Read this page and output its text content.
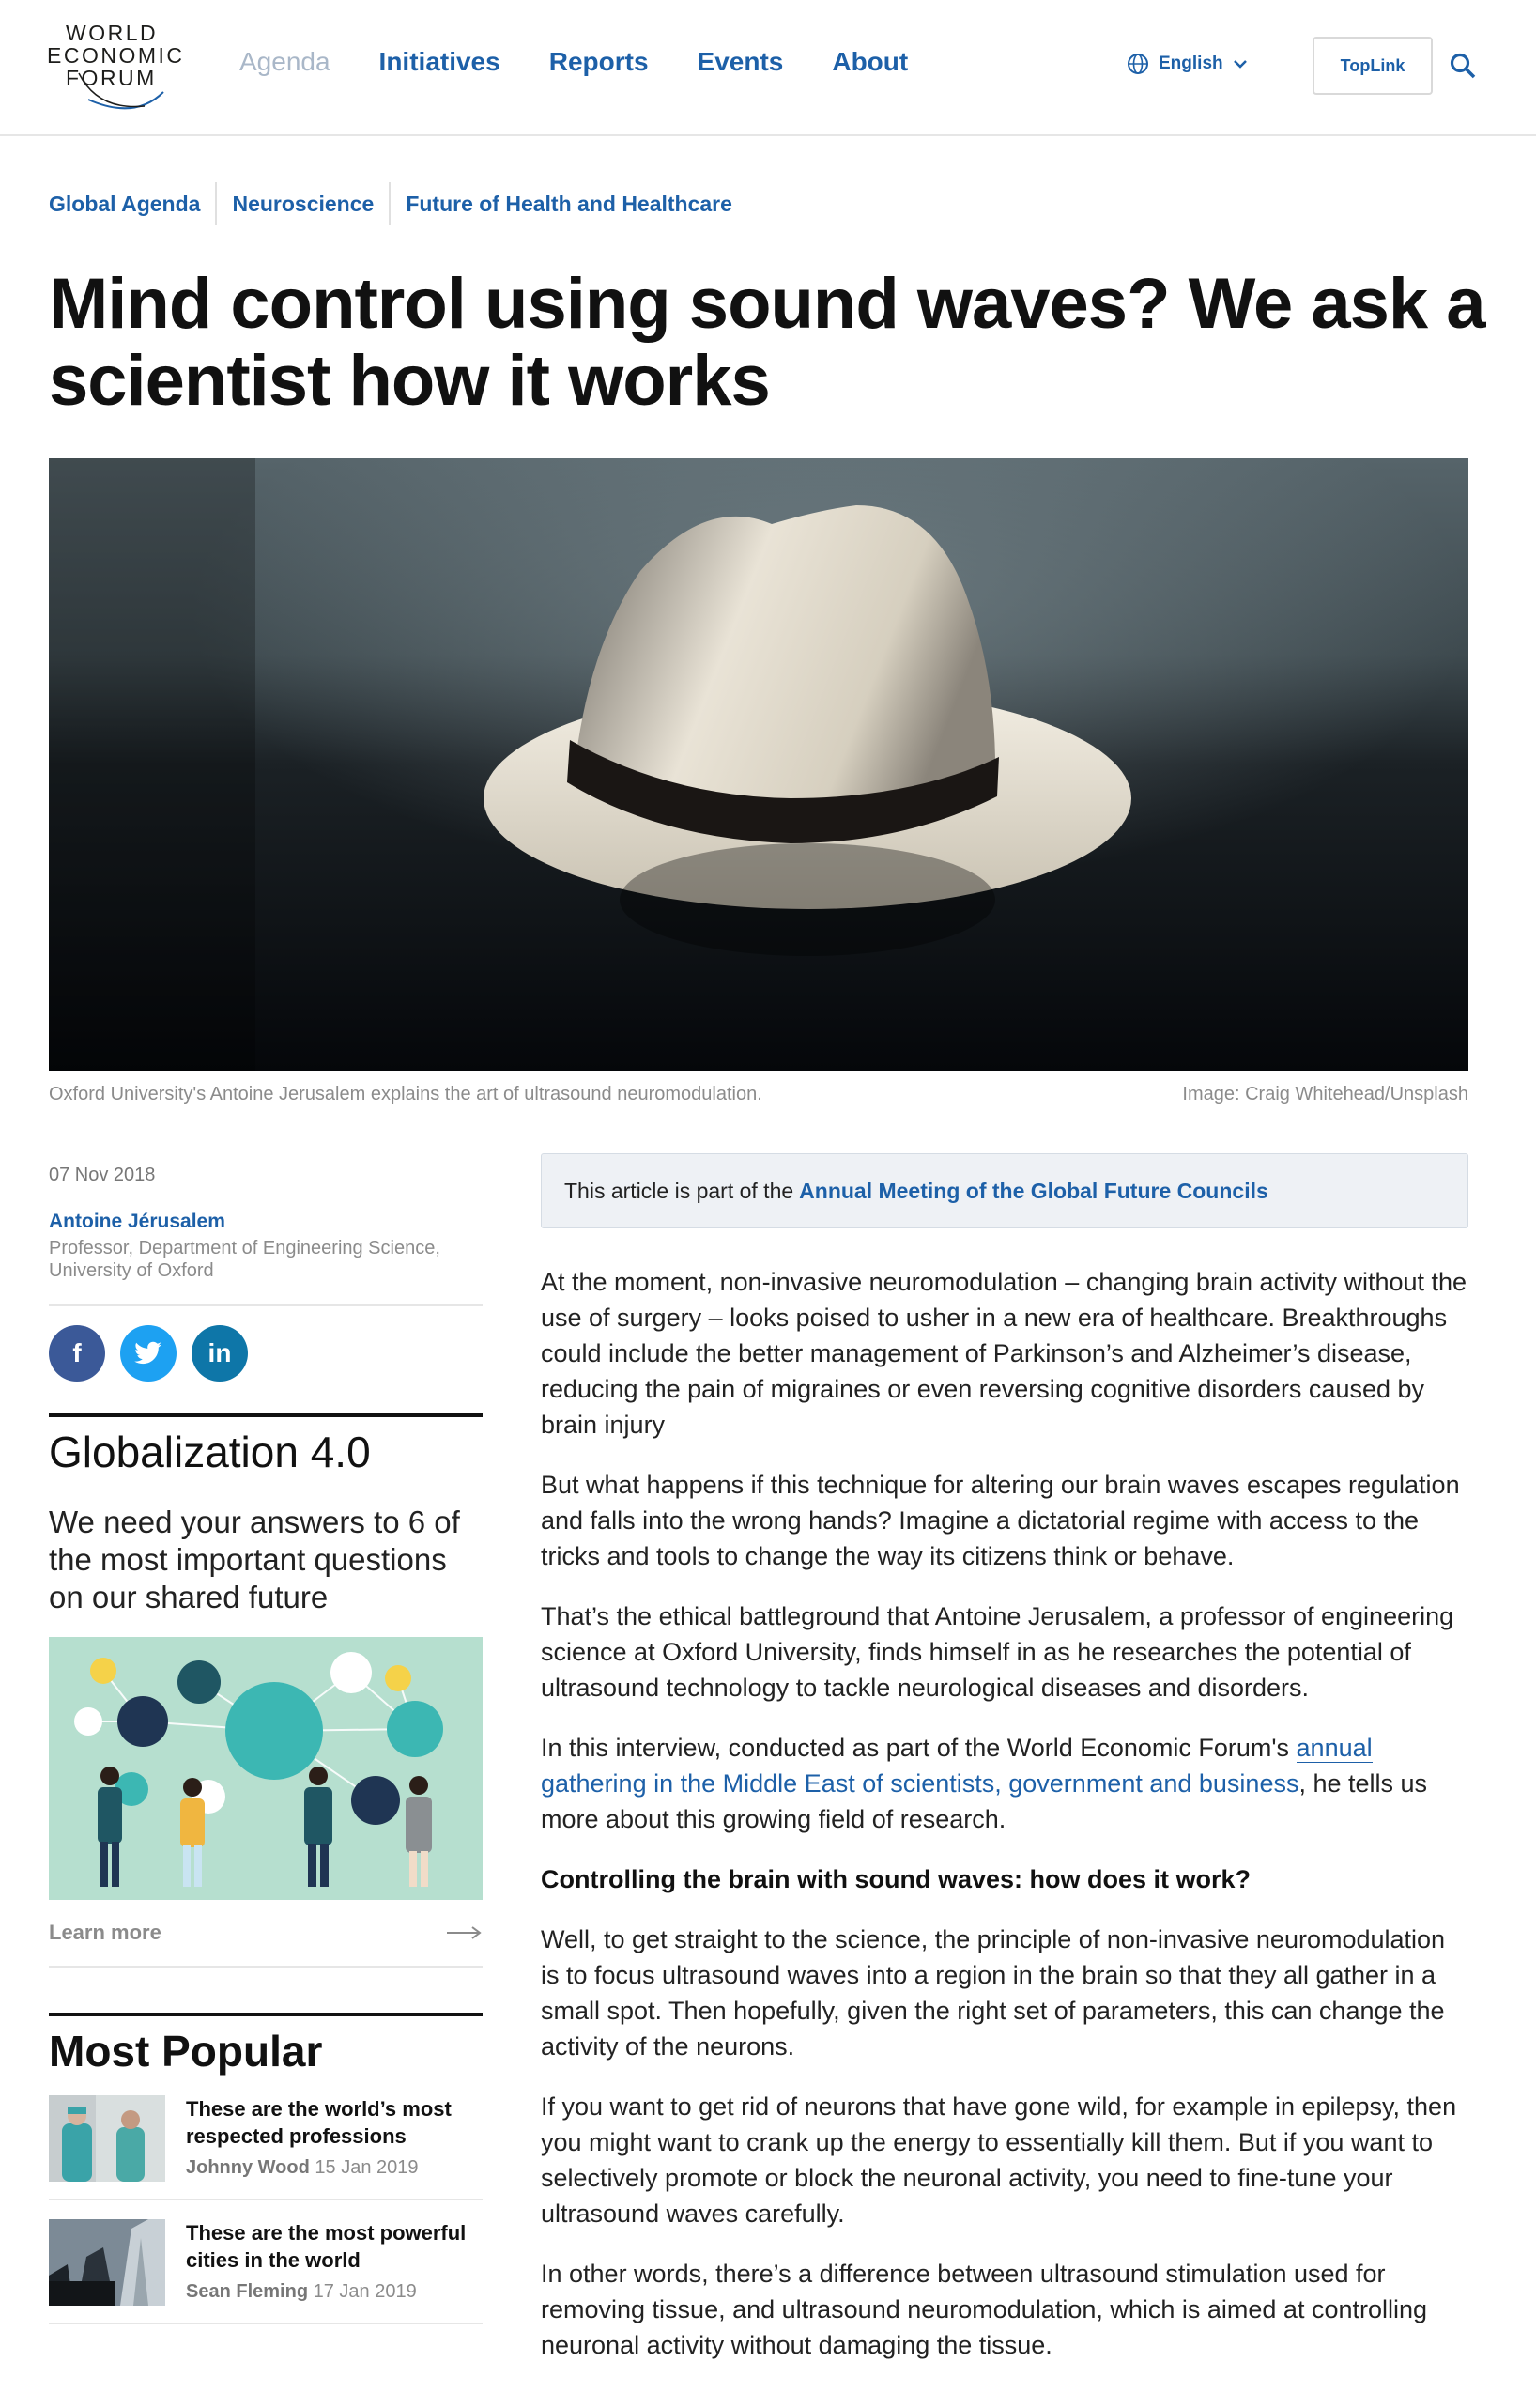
WORLD
ECONOMIC
FORUM
Agenda Initiatives Reports Events About	English	TopLink
Global Agenda	Neuroscience	Future of Health and Healthcare
Mind control using sound waves? We ask a scientist how it works
Oxford University's Antoine Jerusalem explains the art of ultrasound neuromodulation.	Image: Craig Whitehead/Unsplash
07 Nov 2018
Antoine Jérusalem
Professor, Department of Engineering Science, University of Oxford
f	in
Globalization 4.0

We need your answers to 6 of the most important questions on our shared future

Learn more
Most Popular
These are the world’s most respected professions
Johnny Wood 15 Jan 2019
These are the most powerful cities in the world
Sean Fleming 17 Jan 2019
This article is part of the Annual Meeting of the Global Future Councils

At the moment, non-invasive neuromodulation – changing brain activity without the use of surgery – looks poised to usher in a new era of healthcare. Breakthroughs could include the better management of Parkinson’s and Alzheimer’s disease, reducing the pain of migraines or even reversing cognitive disorders caused by brain injury

But what happens if this technique for altering our brain waves escapes regulation and falls into the wrong hands? Imagine a dictatorial regime with access to the tricks and tools to change the way its citizens think or behave.

That’s the ethical battleground that Antoine Jerusalem, a professor of engineering science at Oxford University, finds himself in as he researches the potential of ultrasound technology to tackle neurological diseases and disorders.

In this interview, conducted as part of the World Economic Forum's annual gathering in the Middle East of scientists, government and business, he tells us more about this growing field of research.

Controlling the brain with sound waves: how does it work?

Well, to get straight to the science, the principle of non-invasive neuromodulation is to focus ultrasound waves into a region in the brain so that they all gather in a small spot. Then hopefully, given the right set of parameters, this can change the activity of the neurons.

If you want to get rid of neurons that have gone wild, for example in epilepsy, then you might want to crank up the energy to essentially kill them. But if you want to selectively promote or block the neuronal activity, you need to fine-tune your ultrasound waves carefully.

In other words, there’s a difference between ultrasound stimulation used for removing tissue, and ultrasound neuromodulation, which is aimed at controlling neuronal activity without damaging the tissue.
